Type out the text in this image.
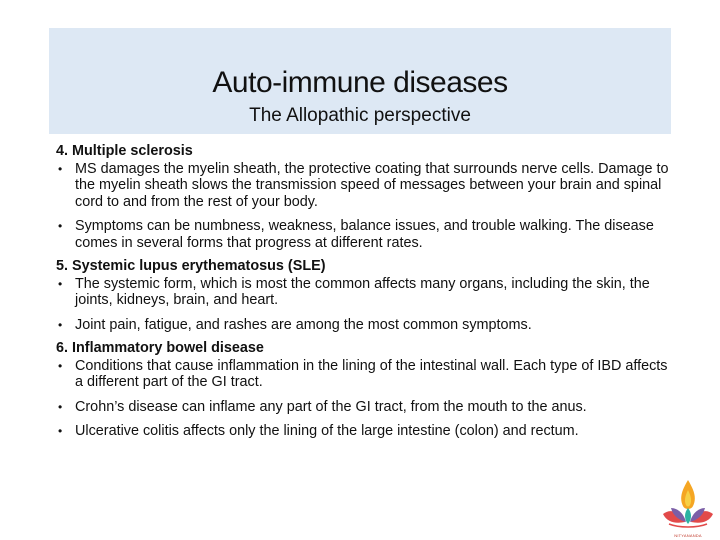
Auto-immune diseases
The Allopathic perspective
4. Multiple sclerosis
• MS damages the myelin sheath, the protective coating that surrounds nerve cells. Damage to the myelin sheath slows the transmission speed of messages between your brain and spinal cord to and from the rest of your body.
• Symptoms can be numbness, weakness, balance issues, and trouble walking. The disease comes in several forms that progress at different rates.
5. Systemic lupus erythematosus (SLE)
• The systemic form, which is most the common affects many organs, including the skin, the joints, kidneys, brain, and heart.
• Joint pain, fatigue, and rashes are among the most common symptoms.
6. Inflammatory bowel disease
• Conditions that cause inflammation in the lining of the intestinal wall. Each type of IBD affects a different part of the GI tract.
• Crohn’s disease can inflame any part of the GI tract, from the mouth to the anus.
• Ulcerative colitis affects only the lining of the large intestine (colon) and rectum.
NITYANANDA
